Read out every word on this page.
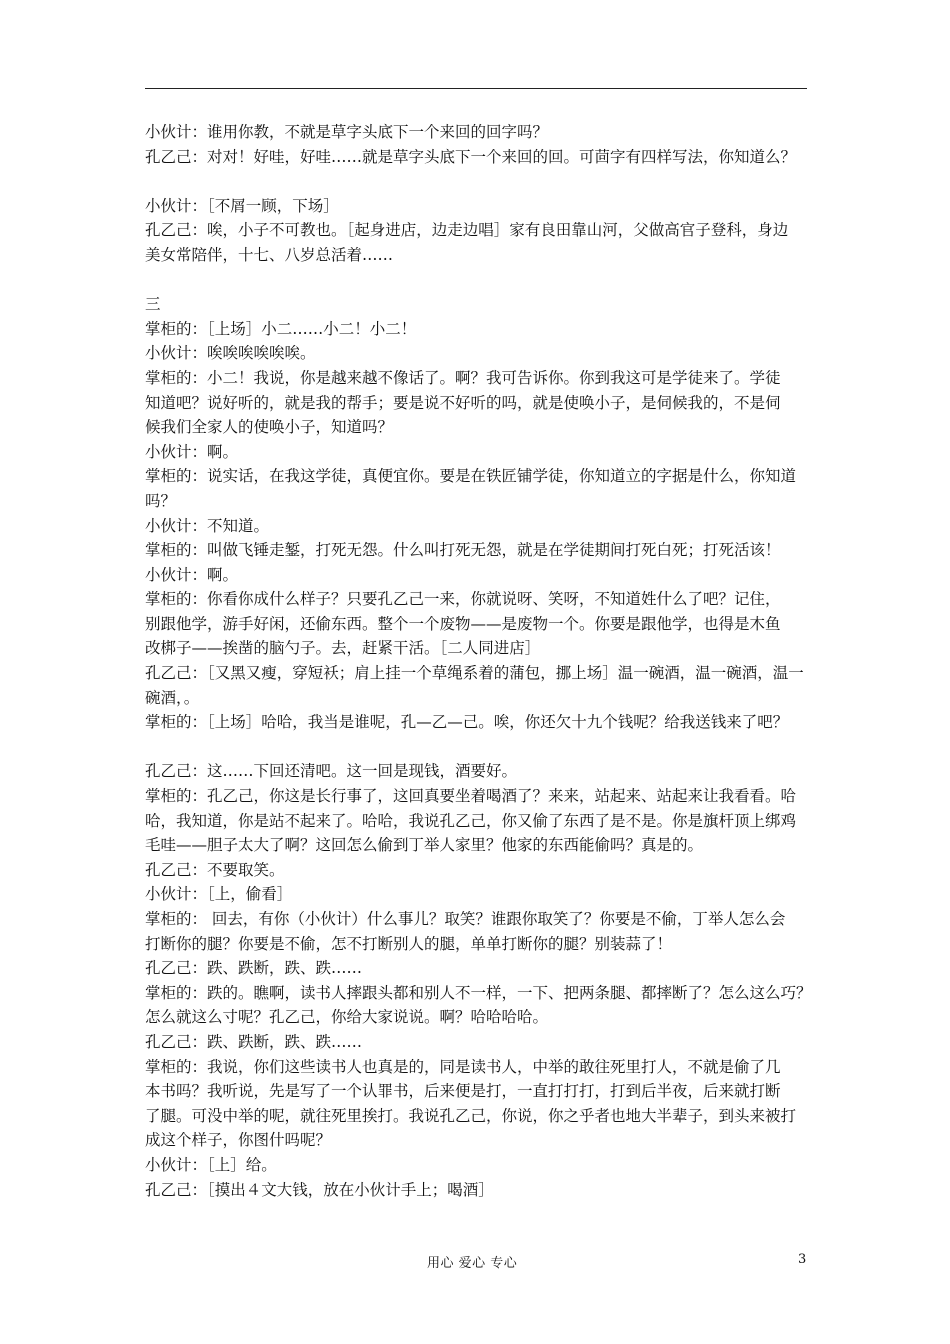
小伙计：谁用你教，不就是草字头底下一个来回的回字吗？
孔乙己：对对！好哇，好哇……就是草字头底下一个来回的回。可茴字有四样写法，你知道么？
小伙计：［不屑一顾，下场］
孔乙己：唉，小子不可教也。［起身进店，边走边唱］家有良田靠山河，父做高官子登科，身边
美女常陪伴，十七、八岁总活着……
三
掌柜的：［上场］小二……小二！小二！
小伙计：唉唉唉唉唉唉。
掌柜的：小二！我说，你是越来越不像话了。啊？我可告诉你。你到我这可是学徒来了。学徒
知道吧？说好听的，就是我的帮手；要是说不好听的吗，就是使唤小子，是伺候我的，不是伺
候我们全家人的使唤小子，知道吗？
小伙计：啊。
掌柜的：说实话，在我这学徒，真便宜你。要是在铁匠铺学徒，你知道立的字据是什么，你知道
吗？
小伙计：不知道。
掌柜的：叫做飞锤走錾，打死无怨。什么叫打死无怨，就是在学徒期间打死白死；打死活该！
小伙计：啊。
掌柜的：你看你成什么样子？只要孔乙己一来，你就说呀、笑呀，不知道姓什么了吧？记住，
别跟他学，游手好闲，还偷东西。整个一个废物——是废物一个。你要是跟他学，也得是木鱼
改梆子——挨凿的脑勺子。去，赶紧干活。［二人同进店］
孔乙己：［又黑又瘦，穿短袄；肩上挂一个草绳系着的蒲包，挪上场］温一碗酒，温一碗酒，温一
碗酒，。
掌柜的：［上场］哈哈，我当是谁呢，孔—乙—己。唉，你还欠十九个钱呢？给我送钱来了吧？
孔乙己：这……下回还清吧。这一回是现钱，酒要好。
掌柜的：孔乙己，你这是长行事了，这回真要坐着喝酒了？来来，站起来、站起来让我看看。哈
哈，我知道，你是站不起来了。哈哈，我说孔乙己，你又偷了东西了是不是。你是旗杆顶上绑鸡
毛哇——胆子太大了啊？这回怎么偷到丁举人家里？他家的东西能偷吗？真是的。
孔乙己：不要取笑。
小伙计：［上，偷看］
掌柜的： 回去，有你（小伙计）什么事儿？取笑？谁跟你取笑了？你要是不偷，丁举人怎么会
打断你的腿？你要是不偷，怎不打断别人的腿，单单打断你的腿？别装蒜了！
孔乙己：跌、跌断，跌、跌……
掌柜的：跌的。瞧啊，读书人摔跟头都和别人不一样，一下、把两条腿、都摔断了？怎么这么巧？
怎么就这么寸呢？孔乙己，你给大家说说。啊？哈哈哈哈。
孔乙己：跌、跌断，跌、跌……
掌柜的：我说，你们这些读书人也真是的，同是读书人，中举的敢往死里打人，不就是偷了几
本书吗？我听说，先是写了一个认罪书，后来便是打，一直打打打，打到后半夜，后来就打断
了腿。可没中举的呢，就往死里挨打。我说孔乙己，你说，你之乎者也地大半辈子，到头来被打
成这个样子，你图什吗呢？
小伙计：［上］给。
孔乙己：［摸出４文大钱，放在小伙计手上；喝酒］
用心 爱心 专心	3
